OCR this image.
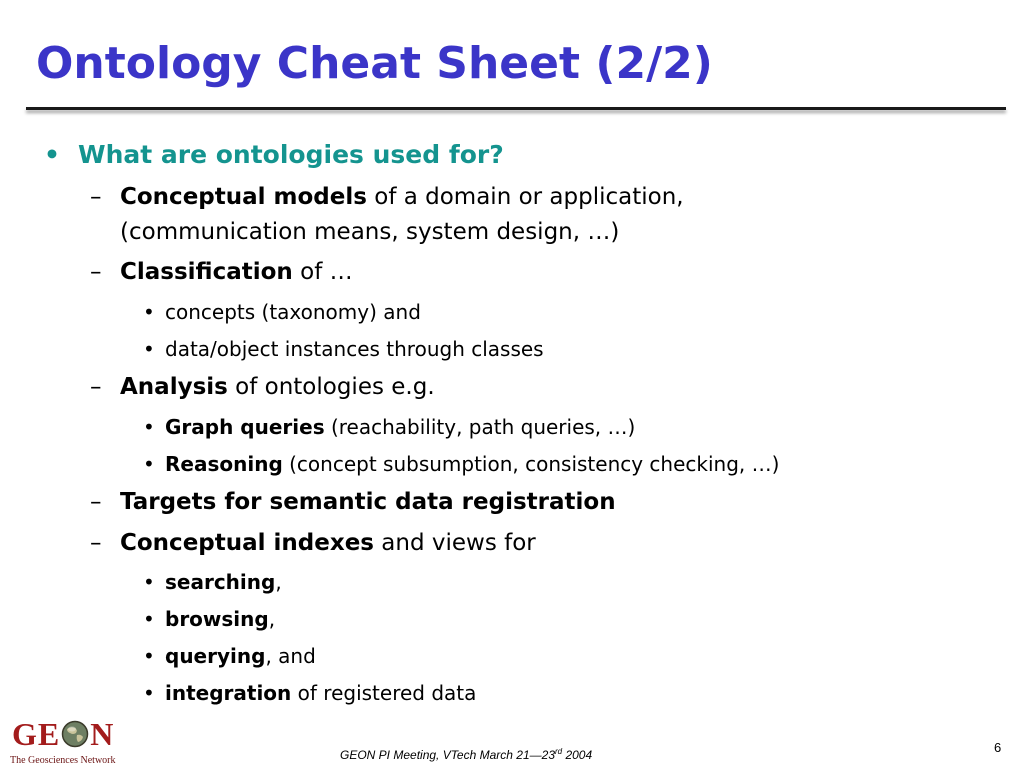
Ontology Cheat Sheet (2/2)
• What are ontologies used for?
– Conceptual models of a domain or application,
(communication means, system design, …)
– Classification of …
• concepts (taxonomy) and
• data/object instances through classes
– Analysis of ontologies e.g.
• Graph queries (reachability, path queries, …)
• Reasoning (concept subsumption, consistency checking, …)
– Targets for semantic data registration
– Conceptual indexes and views for
• searching,
• browsing,
• querying, and
• integration of registered data
GE N
The Geosciences Network	GEON PI Meeting, VTech March 21—23rd 2004	6
